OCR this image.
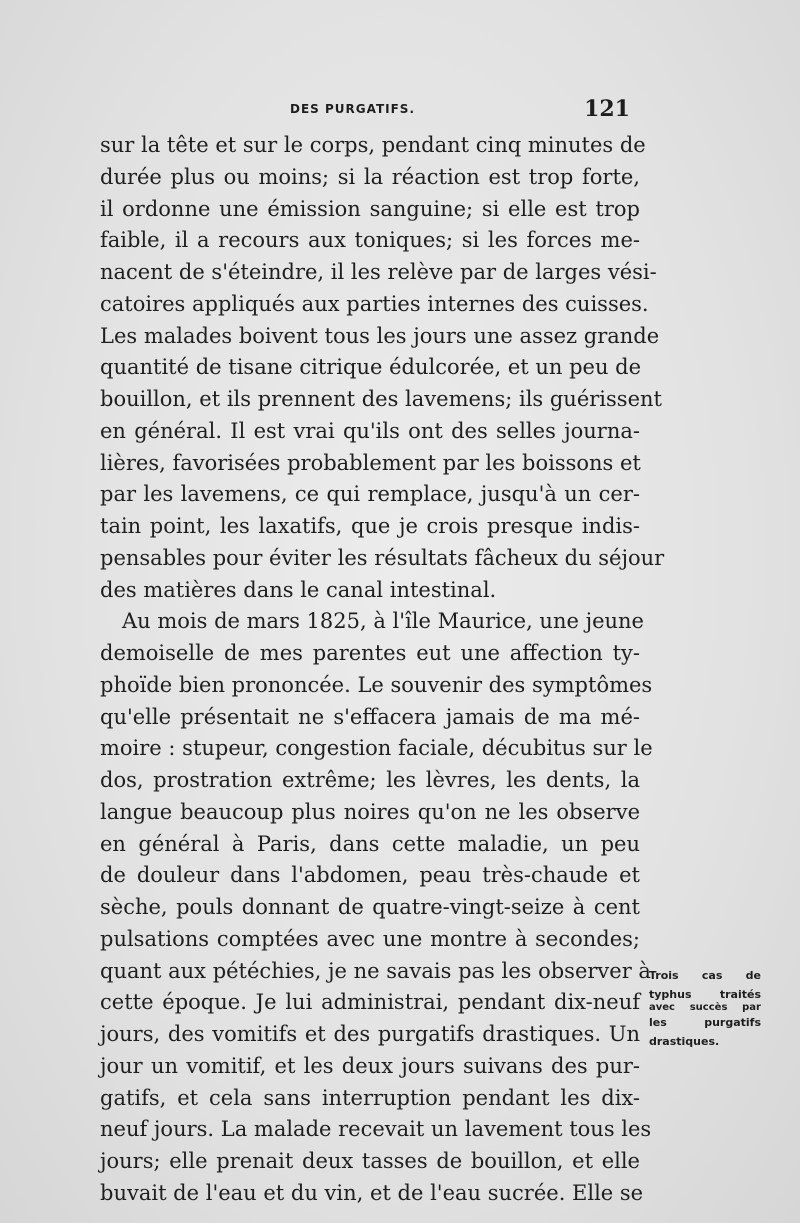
DES PURGATIFS.	121
sur la tête et sur le corps, pendant cinq minutes de
durée plus ou moins; si la réaction est trop forte,
il ordonne une émission sanguine; si elle est trop
faible, il a recours aux toniques; si les forces me-
nacent de s'éteindre, il les relève par de larges vési-
catoires appliqués aux parties internes des cuisses.
Les malades boivent tous les jours une assez grande
quantité de tisane citrique édulcorée, et un peu de
bouillon, et ils prennent des lavemens; ils guérissent
en général. Il est vrai qu'ils ont des selles journa-
lières, favorisées probablement par les boissons et
par les lavemens, ce qui remplace, jusqu'à un cer-
tain point, les laxatifs, que je crois presque indis-
pensables pour éviter les résultats fâcheux du séjour
des matières dans le canal intestinal.
Au mois de mars 1825, à l'île Maurice, une jeune
demoiselle de mes parentes eut une affection ty-
phoïde bien prononcée. Le souvenir des symptômes
qu'elle présentait ne s'effacera jamais de ma mé-
moire : stupeur, congestion faciale, décubitus sur le
dos, prostration extrême; les lèvres, les dents, la
langue beaucoup plus noires qu'on ne les observe
en général à Paris, dans cette maladie, un peu
de douleur dans l'abdomen, peau très-chaude et
sèche, pouls donnant de quatre-vingt-seize à cent
pulsations comptées avec une montre à secondes;
quant aux pétéchies, je ne savais pas les observer à
cette époque. Je lui administrai, pendant dix-neuf
jours, des vomitifs et des purgatifs drastiques. Un
jour un vomitif, et les deux jours suivans des pur-
gatifs, et cela sans interruption pendant les dix-
neuf jours. La malade recevait un lavement tous les
jours; elle prenait deux tasses de bouillon, et elle
buvait de l'eau et du vin, et de l'eau sucrée. Elle se
Trois cas de
typhus traités
avec succès par
les purgatifs
drastiques.
